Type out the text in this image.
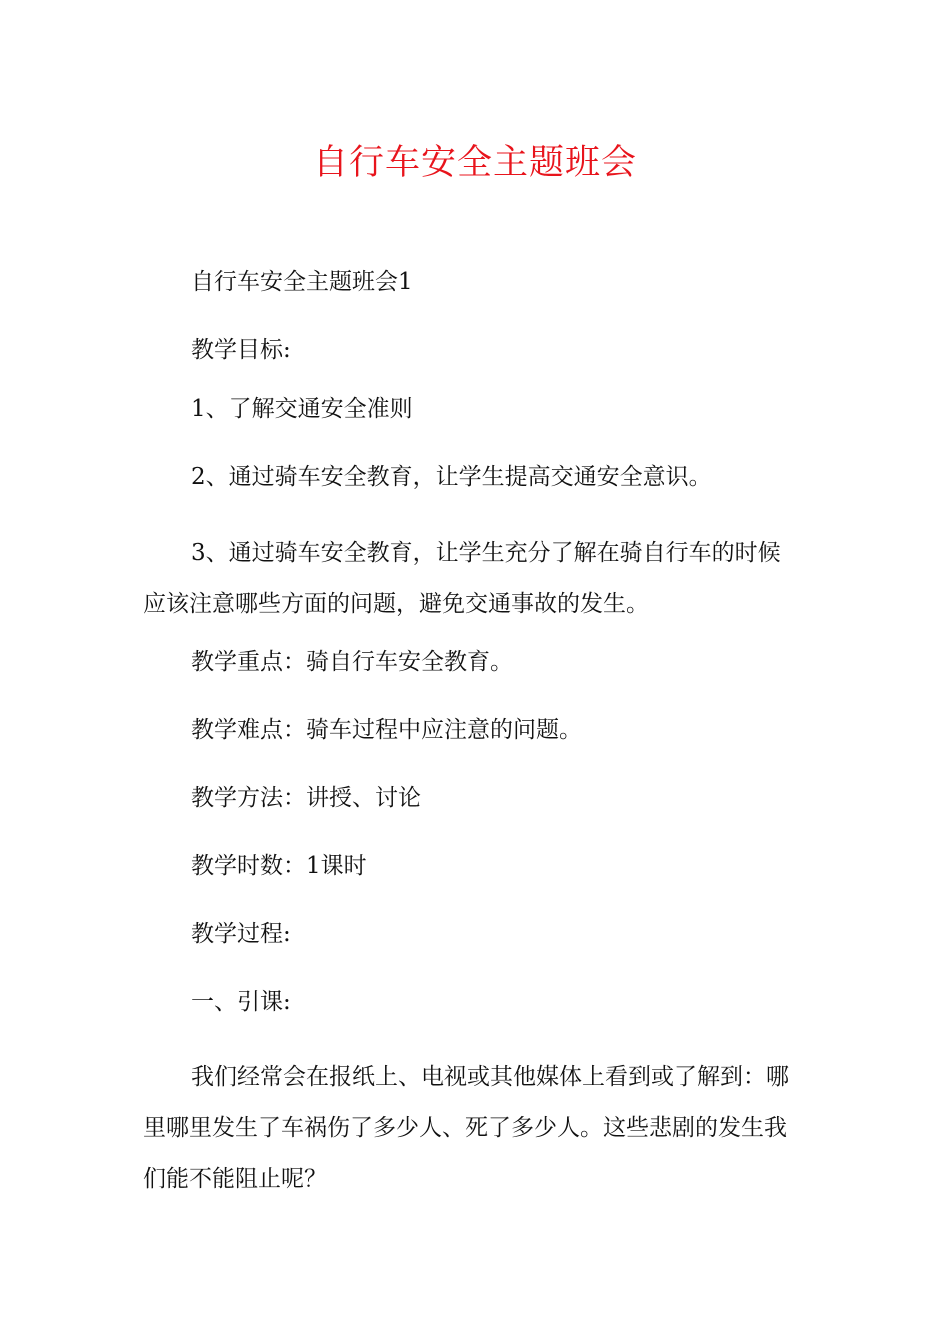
自行车安全主题班会

自行车安全主题班会1

教学目标:

1、了解交通安全准则

2、通过骑车安全教育，让学生提高交通安全意识。

3、通过骑车安全教育，让学生充分了解在骑自行车的时候应该注意哪些方面的问题，避免交通事故的发生。

教学重点：骑自行车安全教育。

教学难点：骑车过程中应注意的问题。

教学方法：讲授、讨论

教学时数：1课时

教学过程:

一、引课:

我们经常会在报纸上、电视或其他媒体上看到或了解到：哪里哪里发生了车祸伤了多少人、死了多少人。这些悲剧的发生我们能不能阻止呢？
